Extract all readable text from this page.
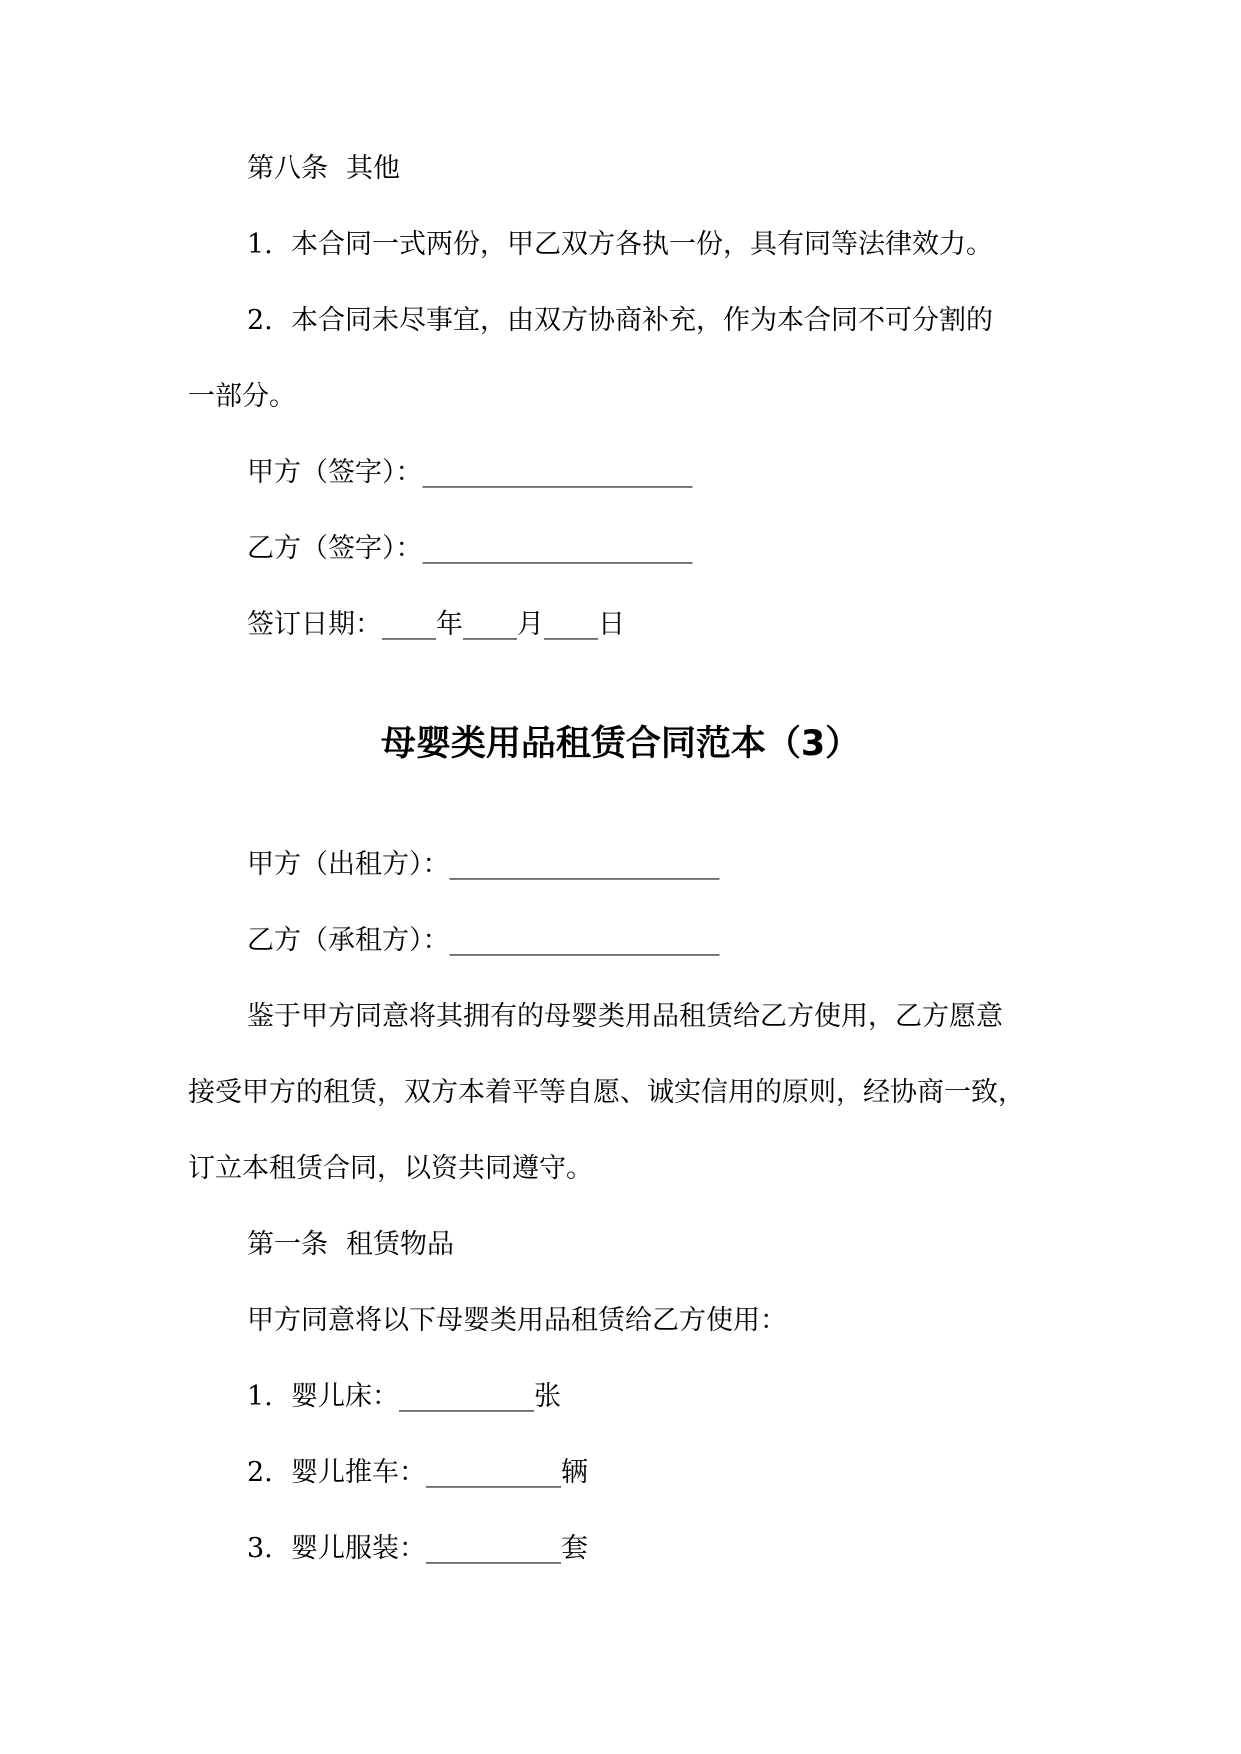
第八条 其他
1. 本合同一式两份，甲乙双方各执一份，具有同等法律效力。
2. 本合同未尽事宜，由双方协商补充，作为本合同不可分割的
一部分。
甲方（签字）：____________________
乙方（签字）：____________________
签订日期：____年____月____日
母婴类用品租赁合同范本（3）
甲方（出租方）：____________________
乙方（承租方）：____________________
鉴于甲方同意将其拥有的母婴类用品租赁给乙方使用，乙方愿意
接受甲方的租赁，双方本着平等自愿、诚实信用的原则，经协商一致，
订立本租赁合同，以资共同遵守。
第一条 租赁物品
甲方同意将以下母婴类用品租赁给乙方使用：
1. 婴儿床：__________张
2. 婴儿推车：__________辆
3. 婴儿服装：__________套
